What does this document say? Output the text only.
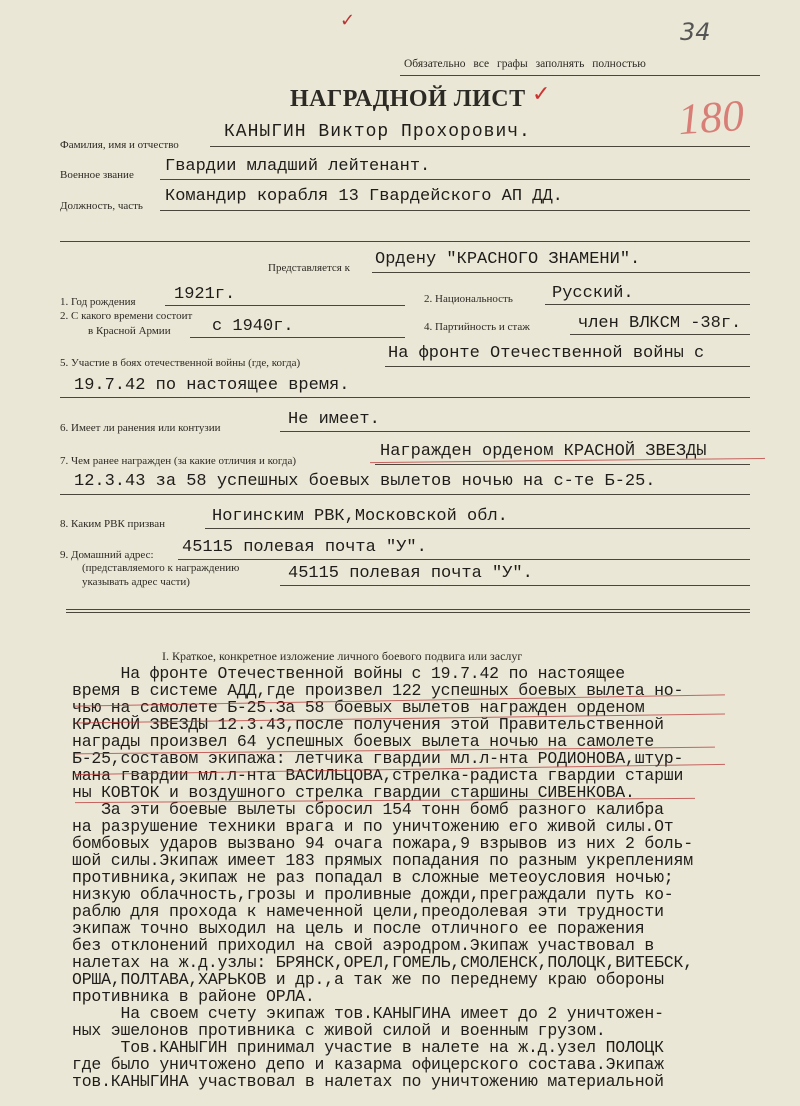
✓	34
Обязательно все графы заполнять полностью
НАГРАДНОЙ ЛИСТ ✓	180
Фамилия, имя и отчество
КАНЫГИН Виктор Прохорович.
Военное звание Гвардии младший лейтенант.
Должность, часть Командир корабля 13 Гвардейского АП ДД.
Представляется к Ордену "КРАСНОГО ЗНАМЕНИ".
1. Год рождения 1921г.	2. Национальность Русский.
2. С какого времени состоит
в Красной Армии с 1940г.	4. Партийность и стаж	член ВЛКСМ -38г.
5. Участие в боях отечественной войны (где, когда)	На фронте Отечественной войны с
19.7.42 по настоящее время.
6. Имеет ли ранения или контузии	Не имеет.
7. Чем ранее награжден (за какие отличия и когда)	Награжден орденом КРАСНОЙ ЗВЕЗДЫ
12.3.43 за 58 успешных боевых вылетов ночью на с-те Б-25.
8. Каким РВК призван	Ногинским РВК,Московской обл.
9. Домашний адрес: 45115 полевая почта "У".
(представляемого к награждению
указывать адрес части)	45115 полевая почта "У".
I. Краткое, конкретное изложение личного боевого подвига или заслуг
На фронте Отечественной войны с 19.7.42 по настоящее
время в системе АДД,где произвел 122 успешных боевых вылета но-
чью на самолете Б-25.За 58 боевых вылетов награжден орденом
КРАСНОЙ ЗВЕЗДЫ 12.3.43,после получения этой Правительственной
награды произвел 64 успешных боевых вылета ночью на самолете
Б-25,составом экипажа: летчика гвардии мл.л-нта РОДИОНОВА,штур-
мана гвардии мл.л-нта ВАСИЛЬЦОВА,стрелка-радиста гвардии старши
ны КОВТОК и воздушного стрелка гвардии старшины СИВЕНКОВА.
За эти боевые вылеты сбросил 154 тонн бомб разного калибра
на разрушение техники врага и по уничтожению его живой силы.От
бомбовых ударов вызвано 94 очага пожара,9 взрывов из них 2 боль-
шой силы.Экипаж имеет 183 прямых попадания по разным укреплениям
противника,экипаж не раз попадал в сложные метеоусловия ночью;
низкую облачность,грозы и проливные дожди,преграждали путь ко-
раблю для прохода к намеченной цели,преодолевая эти трудности
экипаж точно выходил на цель и после отличного ее поражения
без отклонений приходил на свой аэродром.Экипаж участвовал в
налетах на ж.д.узлы: БРЯНСК,ОРЕЛ,ГОМЕЛЬ,СМОЛЕНСК,ПОЛОЦК,ВИТЕБСК,
ОРША,ПОЛТАВА,ХАРЬКОВ и др.,а так же по переднему краю обороны
противника в районе ОРЛА.
На своем счету экипаж тов.КАНЫГИНА имеет до 2 уничтожен-
ных эшелонов противника с живой силой и военным грузом.
Тов.КАНЫГИН принимал участие в налете на ж.д.узел ПОЛОЦК
где было уничтожено депо и казарма офицерского состава.Экипаж
тов.КАНЫГИНА участвовал в налетах по уничтожению материальной
